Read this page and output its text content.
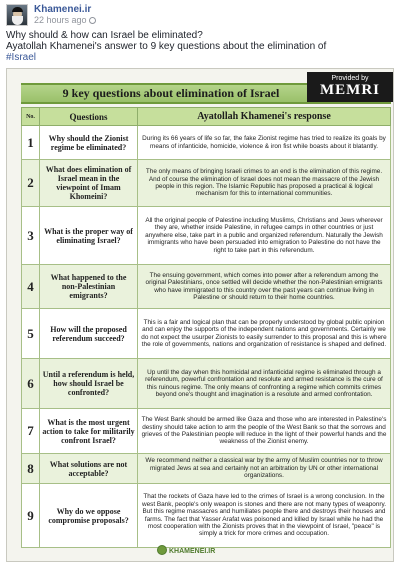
Khamenei.ir
22 hours ago
Why should & how can Israel be eliminated?
Ayatollah Khamenei's answer to 9 key questions about the elimination of
#Israel
Provided by
MEMRI
9 key questions about elimination of Israel
No.	Questions	Ayatollah Khamenei's response
1	Why should the Zionist regime be eliminated?	During its 66 years of life so far, the fake Zionist regime has tried to realize its goals by means of infanticide, homicide, violence & iron fist while boasts about it blatantly.
2	What does elimination of Israel mean in the viewpoint of Imam Khomeini?	The only means of bringing Israeli crimes to an end is the elimination of this regime. And of course the elimination of Israel does not mean the massacre of the Jewish people in this region. The Islamic Republic has proposed a practical & logical mechanism for this to international communities.
3	What is the proper way of eliminating Israel?	All the original people of Palestine including Muslims, Christians and Jews wherever they are, whether inside Palestine, in refugee camps in other countries or just anywhere else, take part in a public and organized referendum. Naturally the Jewish immigrants who have been persuaded into emigration to Palestine do not have the right to take part in this referendum.
4	What happened to the non-Palestinian emigrants?	The ensuing government, which comes into power after a referendum among the original Palestinians, once settled will decide whether the non-Palestinian emigrants who have immigrated to this country over the past years can continue living in Palestine or should return to their home countries.
5	How will the proposed referendum succeed?	This is a fair and logical plan that can be properly understood by global public opinion and can enjoy the supports of the independent nations and governments. Certainly we do not expect the usurper Zionists to easily surrender to this proposal and this is where the role of governments, nations and organization of resistance is shaped and defined.
6	Until a referendum is held, how should Israel be confronted?	Up until the day when this homicidal and infanticidal regime is eliminated through a referendum, powerful confrontation and resolute and armed resistance is the cure of this ruinous regime. The only means of confronting a regime which commits crimes beyond one's thought and imagination is a resolute and armed confrontation.
7	What is the most urgent action to take for militarily confront Israel?	The West Bank should be armed like Gaza and those who are interested in Palestine's destiny should take action to arm the people of the West Bank so that the sorrows and grieves of the Palestinian people will reduce in the light of their powerful hands and the weakness of the Zionist enemy.
8	What solutions are not acceptable?	We recommend neither a classical war by the army of Muslim countries nor to throw migrated Jews at sea and certainly not an arbitration by UN or other international organizations.
9	Why do we oppose compromise proposals?	That the rockets of Gaza have led to the crimes of Israel is a wrong conclusion. In the west Bank, people's only weapon is stones and there are not many types of weaponry. But this regime massacres and humiliates people there and destroys their houses and farms. The fact that Yasser Arafat was poisoned and killed by Israel while he had the most cooperation with the Zionists proves that in the viewpoint of Israel, "peace" is simply a trick for more crimes and occupation.
KHAMENEI.IR
